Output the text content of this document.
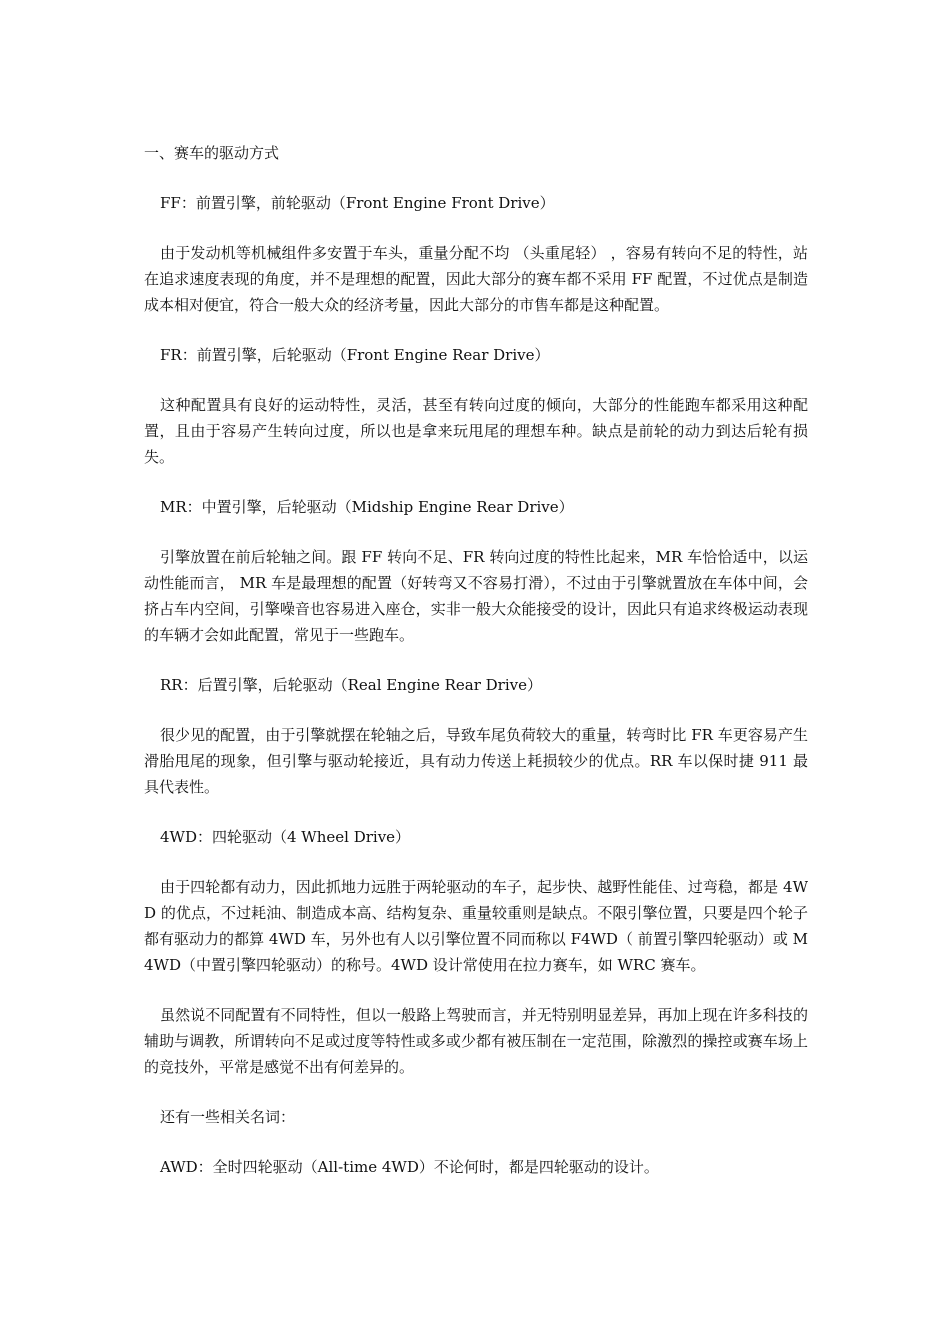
一、赛车的驱动方式

FF：前置引擎，前轮驱动（Front Engine Front Drive）

由于发动机等机械组件多安置于车头，重量分配不均 （头重尾轻） ，容易有转向不足的特性，站在追求速度表现的角度，并不是理想的配置，因此大部分的赛车都不采用 FF 配置，不过优点是制造成本相对便宜，符合一般大众的经济考量，因此大部分的市售车都是这种配置。

FR：前置引擎，后轮驱动（Front Engine Rear Drive）

这种配置具有良好的运动特性，灵活，甚至有转向过度的倾向，大部分的性能跑车都采用这种配置，且由于容易产生转向过度，所以也是拿来玩甩尾的理想车种。缺点是前轮的动力到达后轮有损失。

MR：中置引擎，后轮驱动（Midship Engine Rear Drive）

引擎放置在前后轮轴之间。跟 FF 转向不足、FR 转向过度的特性比起来，MR 车恰恰适中，以运动性能而言， MR 车是最理想的配置（好转弯又不容易打滑），不过由于引擎就置放在车体中间，会挤占车内空间，引擎噪音也容易进入座仓，实非一般大众能接受的设计，因此只有追求终极运动表现的车辆才会如此配置，常见于一些跑车。

RR：后置引擎，后轮驱动（Real Engine Rear Drive）

很少见的配置，由于引擎就摆在轮轴之后，导致车尾负荷较大的重量，转弯时比 FR 车更容易产生滑胎甩尾的现象，但引擎与驱动轮接近，具有动力传送上耗损较少的优点。RR 车以保时捷 911 最具代表性。

4WD：四轮驱动（4 Wheel Drive）

由于四轮都有动力，因此抓地力远胜于两轮驱动的车子，起步快、越野性能佳、过弯稳，都是 4WD 的优点，不过耗油、制造成本高、结构复杂、重量较重则是缺点。不限引擎位置，只要是四个轮子都有驱动力的都算 4WD 车，另外也有人以引擎位置不同而称以 F4WD（ 前置引擎四轮驱动）或 M4WD（中置引擎四轮驱动）的称号。4WD 设计常使用在拉力赛车，如 WRC 赛车。

虽然说不同配置有不同特性，但以一般路上驾驶而言，并无特别明显差异，再加上现在许多科技的辅助与调教，所谓转向不足或过度等特性或多或少都有被压制在一定范围，除激烈的操控或赛车场上的竞技外，平常是感觉不出有何差异的。

还有一些相关名词：

AWD：全时四轮驱动（All-time 4WD）不论何时，都是四轮驱动的设计。
